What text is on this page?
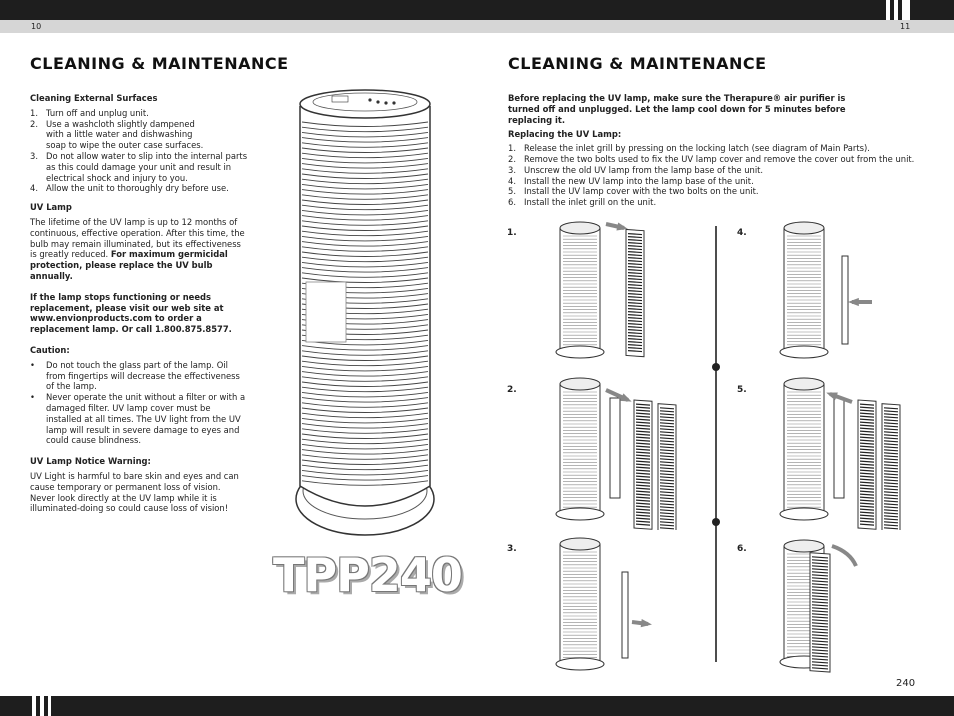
10	11
240
CLEANING & MAINTENANCE
Cleaning External Surfaces
1. Turn off and unplug unit.
2. Use a washcloth slightly dampened with a little water and dishwashing soap to wipe the outer case surfaces.
3. Do not allow water to slip into the internal parts as this could damage your unit and result in electrical shock and injury to you.
4. Allow the unit to thoroughly dry before use.
UV Lamp
The lifetime of the UV lamp is up to 12 months of continuous, effective operation. After this time, the bulb may remain illuminated, but its effectiveness is greatly reduced. For maximum germicidal protection, please replace the UV bulb annually.
If the lamp stops functioning or needs replacement, please visit our web site at www.envionproducts.com to order a replacement lamp. Or call 1.800.875.8577.
Caution:
• Do not touch the glass part of the lamp. Oil from fingertips will decrease the effectiveness of the lamp.
• Never operate the unit without a filter or with a damaged filter. UV lamp cover must be installed at all times. The UV light from the UV lamp will result in severe damage to eyes and could cause blindness.
UV Lamp Notice Warning:
UV Light is harmful to bare skin and eyes and can cause temporary or permanent loss of vision. Never look directly at the UV lamp while it is illuminated-doing so could cause loss of vision!
TPP240
CLEANING & MAINTENANCE
Before replacing the UV lamp, make sure the Therapure® air purifier is turned off and unplugged. Let the lamp cool down for 5 minutes before replacing it.
Replacing the UV Lamp:
1. Release the inlet grill by pressing on the locking latch (see diagram of Main Parts).
2. Remove the two bolts used to fix the UV lamp cover and remove the cover out from the unit.
3. Unscrew the old UV lamp from the lamp base of the unit.
4. Install the new UV lamp into the lamp base of the unit.
5. Install the UV lamp cover with the two bolts on the unit.
6. Install the inlet grill on the unit.
1.
2.
3.
4.
5.
6.
